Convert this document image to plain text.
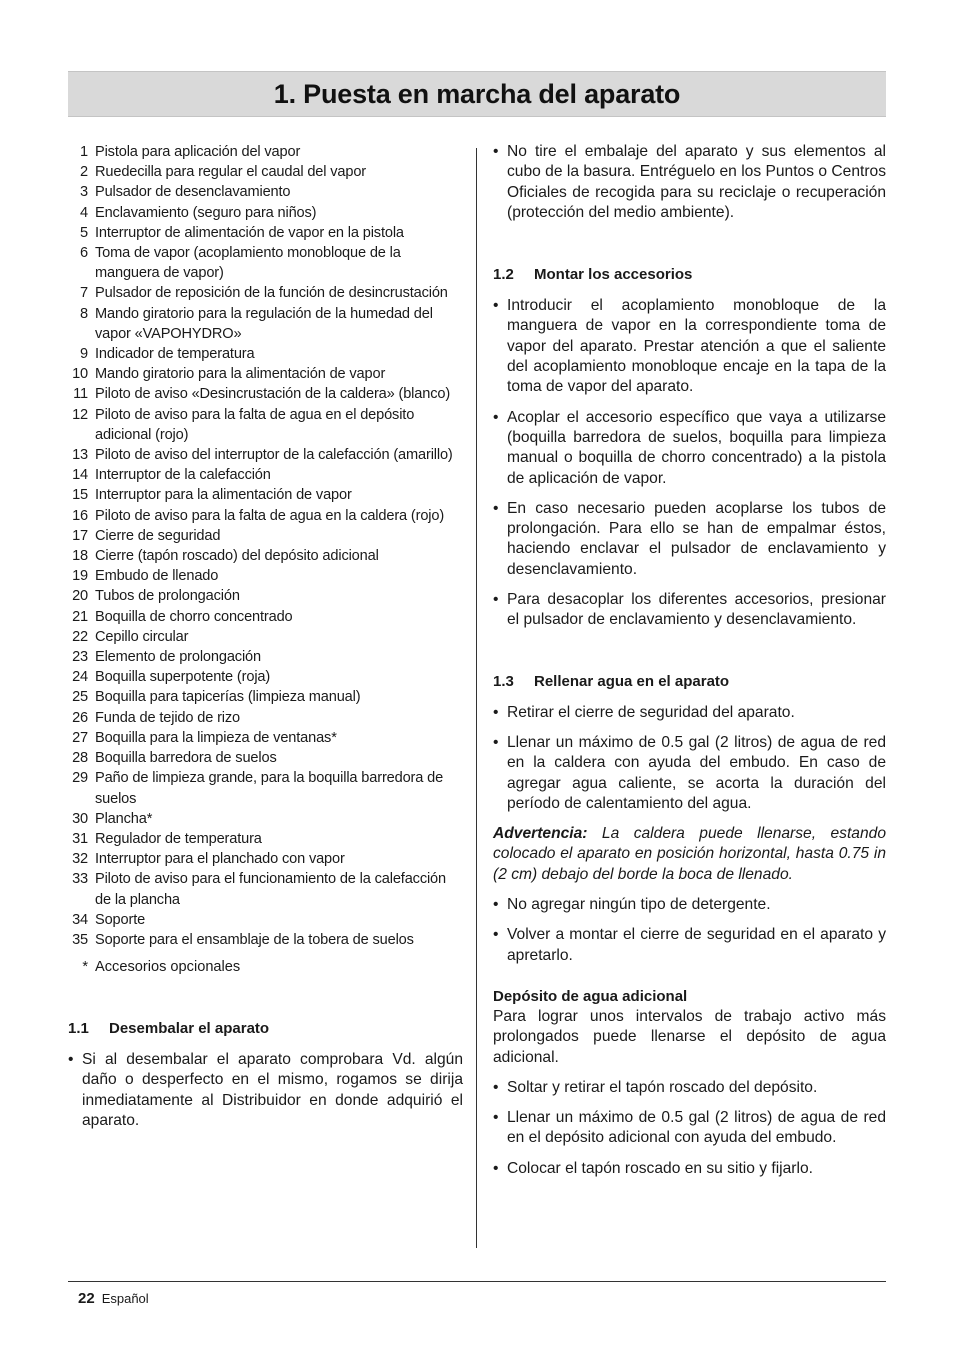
1. Puesta en marcha del aparato
1 Pistola para aplicación del vapor
2 Ruedecilla para regular el caudal del vapor
3 Pulsador de desenclavamiento
4 Enclavamiento (seguro para niños)
5 Interruptor de alimentación de vapor en la pistola
6 Toma de vapor (acoplamiento monobloque de la manguera de vapor)
7 Pulsador de reposición de la función de desincrustación
8 Mando giratorio para la regulación de la humedad del vapor «VAPOHYDRO»
9 Indicador de temperatura
10 Mando giratorio para la alimentación de vapor
11 Piloto de aviso «Desincrustación de la caldera» (blanco)
12 Piloto de aviso para la falta de agua en el depósito adicional (rojo)
13 Piloto de aviso del interruptor de la calefacción (amarillo)
14 Interruptor de la calefacción
15 Interruptor para la alimentación de vapor
16 Piloto de aviso para la falta de agua en la caldera (rojo)
17 Cierre de seguridad
18 Cierre (tapón roscado) del depósito adicional
19 Embudo de llenado
20 Tubos de prolongación
21 Boquilla de chorro concentrado
22 Cepillo circular
23 Elemento de prolongación
24 Boquilla superpotente (roja)
25 Boquilla para tapicerías (limpieza manual)
26 Funda de tejido de rizo
27 Boquilla para la limpieza de ventanas*
28 Boquilla barredora de suelos
29 Paño de limpieza grande, para la boquilla barredora de suelos
30 Plancha*
31 Regulador de temperatura
32 Interruptor para el planchado con vapor
33 Piloto de aviso para el funcionamiento de la calefacción de la plancha
34 Soporte
35 Soporte para el ensamblaje de la tobera de suelos
* Accesorios opcionales
1.1	Desembalar el aparato
• Si al desembalar el aparato comprobara Vd. algún daño o desperfecto en el mismo, rogamos se dirija inmediatamente al Distribuidor en donde adquirió el aparato.
• No tire el embalaje del aparato y sus elementos al cubo de la basura. Entréguelo en los Puntos o Centros Oficiales de recogida para su reciclaje o recuperación (protección del medio ambiente).
1.2	Montar los accesorios
• Introducir el acoplamiento monobloque de la manguera de vapor en la correspondiente toma de vapor del aparato. Prestar atención a que el saliente del acoplamiento monobloque encaje en la tapa de la toma de vapor del aparato.
• Acoplar el accesorio específico que vaya a utilizarse (boquilla barredora de suelos, boquilla para limpieza manual o boquilla de chorro concentrado) a la pistola de aplicación de vapor.
• En caso necesario pueden acoplarse los tubos de prolongación. Para ello se han de empalmar éstos, haciendo enclavar el pulsador de enclavamiento y desenclavamiento.
• Para desacoplar los diferentes accesorios, presionar el pulsador de enclavamiento y desenclavamiento.
1.3	Rellenar agua en el aparato
• Retirar el cierre de seguridad del aparato.
• Llenar un máximo de 0.5 gal (2 litros) de agua de red en la caldera con ayuda del embudo. En caso de agregar agua caliente, se acorta la duración del período de calentamiento del agua.

Advertencia: La caldera puede llenarse, estando colocado el aparato en posición horizontal, hasta 0.75 in (2 cm) debajo del borde la boca de llenado.

• No agregar ningún tipo de detergente.
• Volver a montar el cierre de seguridad en el aparato y apretarlo.
Depósito de agua adicional

Para lograr unos intervalos de trabajo activo más prolongados puede llenarse el depósito de agua adicional.

• Soltar y retirar el tapón roscado del depósito.
• Llenar un máximo de 0.5 gal (2 litros) de agua de red en el depósito adicional con ayuda del embudo.
• Colocar el tapón roscado en su sitio y fijarlo.
22 Español
